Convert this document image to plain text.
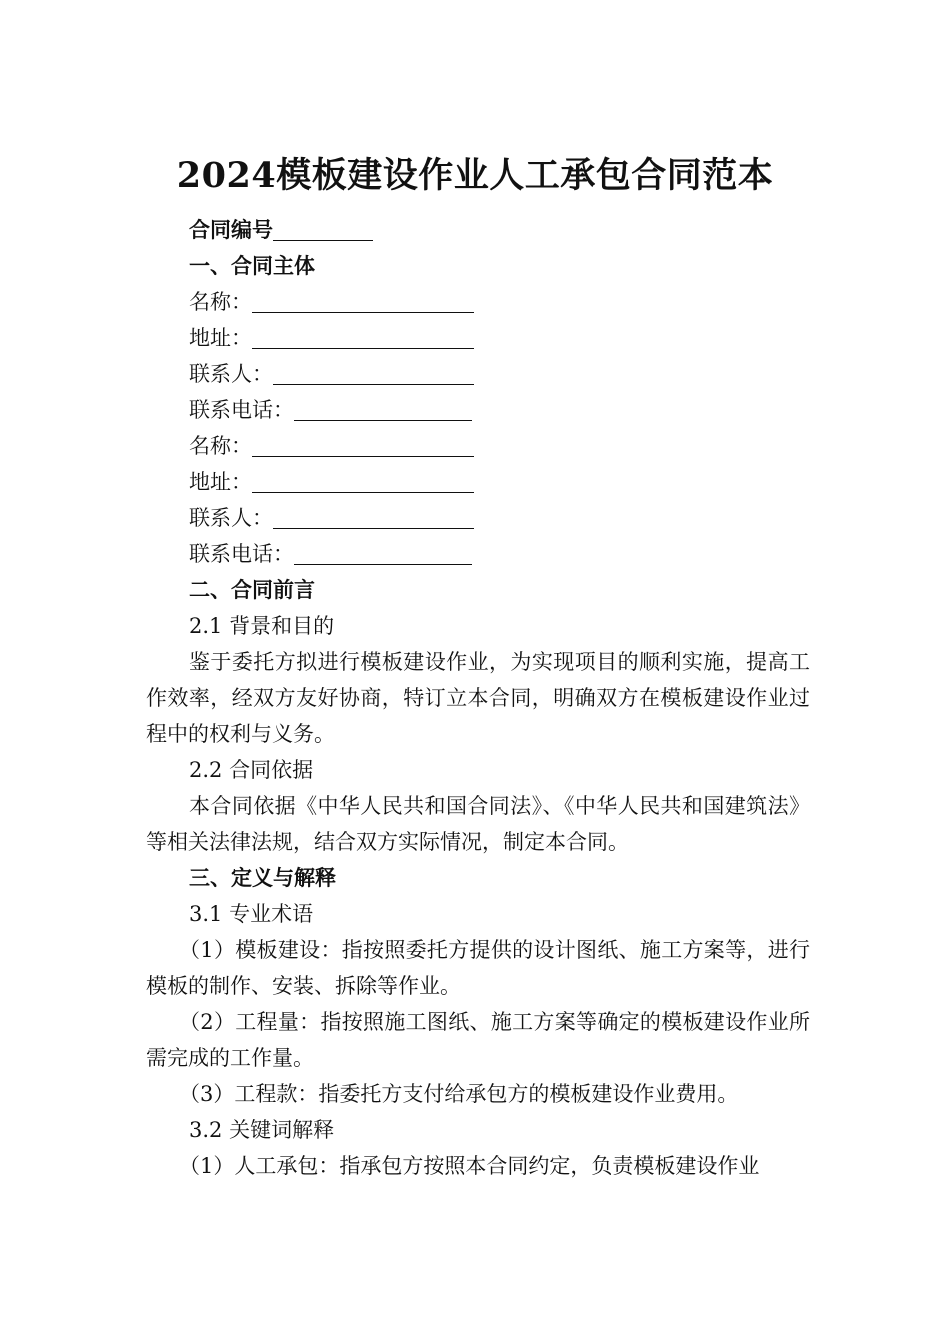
2024模板建设作业人工承包合同范本
合同编号
一、合同主体
名称：
地址：
联系人：
联系电话：
名称：
地址：
联系人：
联系电话：
二、合同前言
2.1 背景和目的
鉴于委托方拟进行模板建设作业，为实现项目的顺利实施，提高工作效率，经双方友好协商，特订立本合同，明确双方在模板建设作业过程中的权利与义务。
2.2 合同依据
本合同依据《中华人民共和国合同法》、《中华人民共和国建筑法》等相关法律法规，结合双方实际情况，制定本合同。
三、定义与解释
3.1 专业术语
（1）模板建设：指按照委托方提供的设计图纸、施工方案等，进行模板的制作、安装、拆除等作业。
（2）工程量：指按照施工图纸、施工方案等确定的模板建设作业所需完成的工作量。
（3）工程款：指委托方支付给承包方的模板建设作业费用。
3.2 关键词解释
（1）人工承包：指承包方按照本合同约定，负责模板建设作业
